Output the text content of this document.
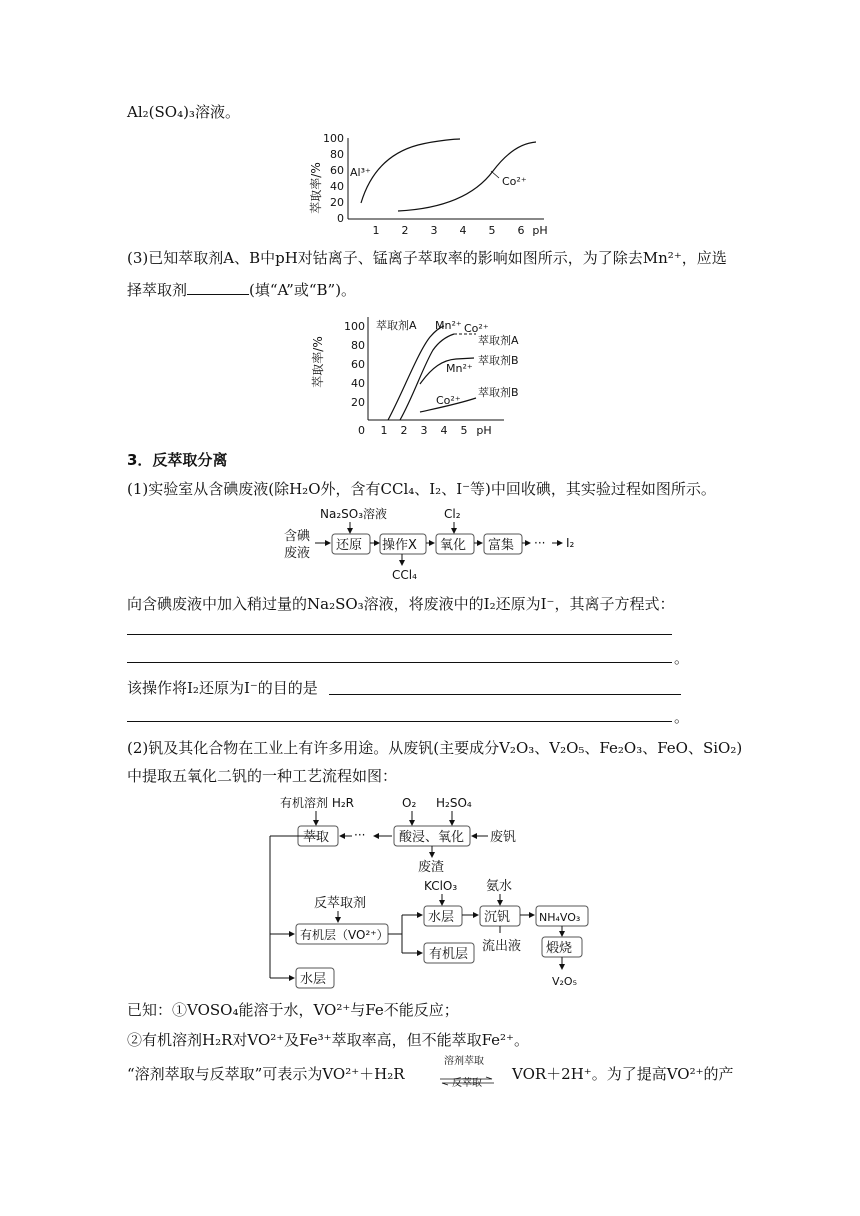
Al₂(SO₄)₃溶液。
萃取率/%
100
80
60
40
20
0
1 2 3 4 5 6 pH
Al³⁺
Co²⁺
(3)已知萃取剂A、B中pH对钴离子、锰离子萃取率的影响如图所示，为了除去Mn²⁺，应选
择萃取剂	(填“A”或“B”)。
萃取率/%
100
80
60
40
20
0 1 2 3 4 5 pH
萃取剂A Mn²⁺ Co²⁺
萃取剂A
萃取剂B
Mn²⁺
萃取剂B
Co²⁺
3．反萃取分离
(1)实验室从含碘废液(除H₂O外，含有CCl₄、I₂、I⁻等)中回收碘，其实验过程如图所示。
含碘
废液
Na₂SO₃溶液	Cl₂
还原 操作X
CCl₄
氧化 富集 ··· I₂
向含碘废液中加入稍过量的Na₂SO₃溶液，将废液中的I₂还原为I⁻，其离子方程式：
。
该操作将I₂还原为I⁻的目的是
。
(2)钒及其化合物在工业上有许多用途。从废钒(主要成分V₂O₃、V₂O₅、Fe₂O₃、FeO、SiO₂)
中提取五氧化二钒的一种工艺流程如图：
有机溶剂 H₂R	O₂ H₂SO₄
萃取 ···	酸浸、氧化 废钒
废渣
KClO₃ 氨水
反萃取剂
有机层（VO²⁺）
水层 沉钒	NH₄VO₃
流出液
有机层	煅烧
V₂O₅
水层
已知：①VOSO₄能溶于水，VO²⁺与Fe不能反应；
②有机溶剂H₂R对VO²⁺及Fe³⁺萃取率高，但不能萃取Fe²⁺。
“溶剂萃取与反萃取”可表示为VO²⁺＋H₂R
溶剂萃取
反萃取
VOR＋2H⁺。为了提高VO²⁺的产
